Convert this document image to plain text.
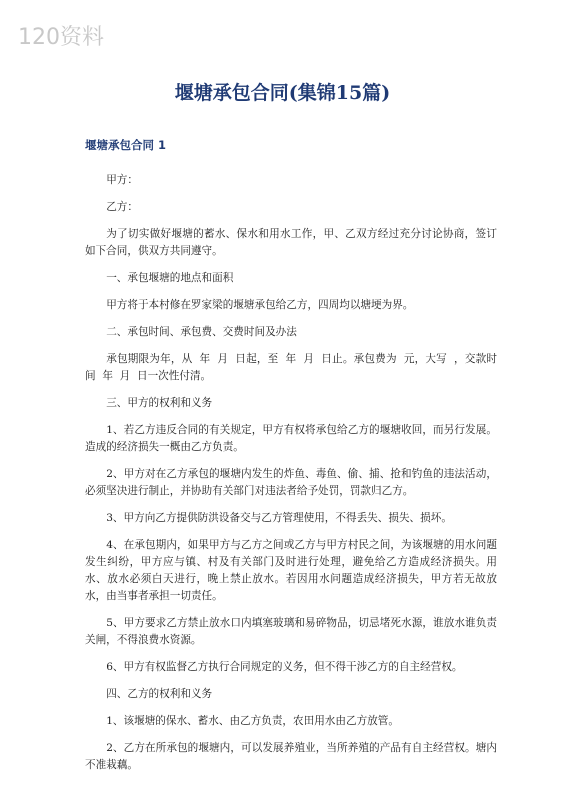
120资料
堰塘承包合同(集锦15篇)
堰塘承包合同 1

甲方：

乙方：

为了切实做好堰塘的蓄水、保水和用水工作，甲、乙双方经过充分讨论协商，签订如下合同，供双方共同遵守。

一、承包堰塘的地点和面积

甲方将于本村修在罗家梁的堰塘承包给乙方，四周均以塘埂为界。

二、承包时间、承包费、交费时间及办法

承包期限为年，从  年  月  日起，至  年  月  日止。承包费为  元，大写  ，交款时间  年  月  日一次性付清。

三、甲方的权利和义务

1、若乙方违反合同的有关规定，甲方有权将承包给乙方的堰塘收回，而另行发展。造成的经济损失一概由乙方负责。

2、甲方对在乙方承包的堰塘内发生的炸鱼、毒鱼、偷、捕、抢和钓鱼的违法活动，必须坚决进行制止，并协助有关部门对违法者给予处罚，罚款归乙方。

3、甲方向乙方提供防洪设备交与乙方管理使用，不得丢失、损失、损坏。

4、在承包期内，如果甲方与乙方之间或乙方与甲方村民之间，为该堰塘的用水问题发生纠纷，甲方应与镇、村及有关部门及时进行处理，避免给乙方造成经济损失。用水、放水必须白天进行，晚上禁止放水。若因用水问题造成经济损失，甲方若无故放水，由当事者承担一切责任。

5、甲方要求乙方禁止放水口内填塞玻璃和易碎物品，切忌堵死水源，谁放水谁负责关闸，不得浪费水资源。

6、甲方有权监督乙方执行合同规定的义务，但不得干涉乙方的自主经营权。

四、乙方的权利和义务

1、该堰塘的保水、蓄水、由乙方负责，农田用水由乙方放管。

2、乙方在所承包的堰塘内，可以发展养殖业，当所养殖的产品有自主经营权。塘内不准栽藕。
